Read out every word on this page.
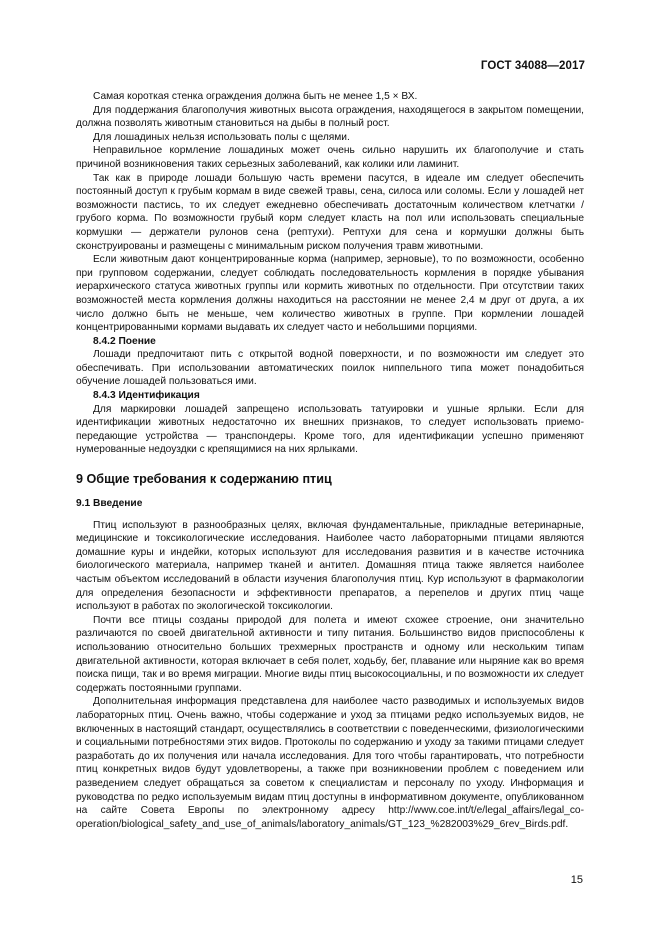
ГОСТ 34088—2017

Самая короткая стенка ограждения должна быть не менее 1,5 × ВХ.

Для поддержания благополучия животных высота ограждения, находящегося в закрытом помещении, должна позволять животным становиться на дыбы в полный рост.

Для лошадиных нельзя использовать полы с щелями.

Неправильное кормление лошадиных может очень сильно нарушить их благополучие и стать причиной возникновения таких серьезных заболеваний, как колики или ламинит.

Так как в природе лошади большую часть времени пасутся, в идеале им следует обеспечить постоянный доступ к грубым кормам в виде свежей травы, сена, силоса или соломы. Если у лошадей нет возможности пастись, то их следует ежедневно обеспечивать достаточным количеством клетчатки / грубого корма. По возможности грубый корм следует класть на пол или использовать специальные кормушки — держатели рулонов сена (рептухи). Рептухи для сена и кормушки должны быть сконструированы и размещены с минимальным риском получения травм животными.

Если животным дают концентрированные корма (например, зерновые), то по возможности, особенно при групповом содержании, следует соблюдать последовательность кормления в порядке убывания иерархического статуса животных группы или кормить животных по отдельности. При отсутствии таких возможностей места кормления должны находиться на расстоянии не менее 2,4 м друг от друга, а их число должно быть не меньше, чем количество животных в группе. При кормлении лошадей концентрированными кормами выдавать их следует часто и небольшими порциями.

8.4.2 Поение

Лошади предпочитают пить с открытой водной поверхности, и по возможности им следует это обеспечивать. При использовании автоматических поилок ниппельного типа может понадобиться обучение лошадей пользоваться ими.

8.4.3 Идентификация

Для маркировки лошадей запрещено использовать татуировки и ушные ярлыки. Если для идентификации животных недостаточно их внешних признаков, то следует использовать приемо-передающие устройства — транспондеры. Кроме того, для идентификации успешно применяют нумерованные недоуздки с крепящимися на них ярлыками.

9 Общие требования к содержанию птиц
9.1 Введение

Птиц используют в разнообразных целях, включая фундаментальные, прикладные ветеринарные, медицинские и токсикологические исследования. Наиболее часто лабораторными птицами являются домашние куры и индейки, которых используют для исследования развития и в качестве источника биологического материала, например тканей и антител. Домашняя птица также является наиболее частым объектом исследований в области изучения благополучия птиц. Кур используют в фармакологии для определения безопасности и эффективности препаратов, а перепелов и других птиц чаще используют в работах по экологической токсикологии.

Почти все птицы созданы природой для полета и имеют схожее строение, они значительно различаются по своей двигательной активности и типу питания. Большинство видов приспособлены к использованию относительно больших трехмерных пространств и одному или нескольким типам двигательной активности, которая включает в себя полет, ходьбу, бег, плавание или ныряние как во время поиска пищи, так и во время миграции. Многие виды птиц высокосоциальны, и по возможности их следует содержать постоянными группами.

Дополнительная информация представлена для наиболее часто разводимых и используемых видов лабораторных птиц. Очень важно, чтобы содержание и уход за птицами редко используемых видов, не включенных в настоящий стандарт, осуществлялись в соответствии с поведенческими, физиологическими и социальными потребностями этих видов. Протоколы по содержанию и уходу за такими птицами следует разработать до их получения или начала исследования. Для того чтобы гарантировать, что потребности птиц конкретных видов будут удовлетворены, а также при возникновении проблем с поведением или разведением следует обращаться за советом к специалистам и персоналу по уходу. Информация и руководства по редко используемым видам птиц доступны в информативном документе, опубликованном на сайте Совета Европы по электронному адресу http://www.coe.int/t/e/legal_affairs/legal_co-operation/biological_safety_and_use_of_animals/laboratory_animals/GT_123_%282003%29_6rev_Birds.pdf.

15
